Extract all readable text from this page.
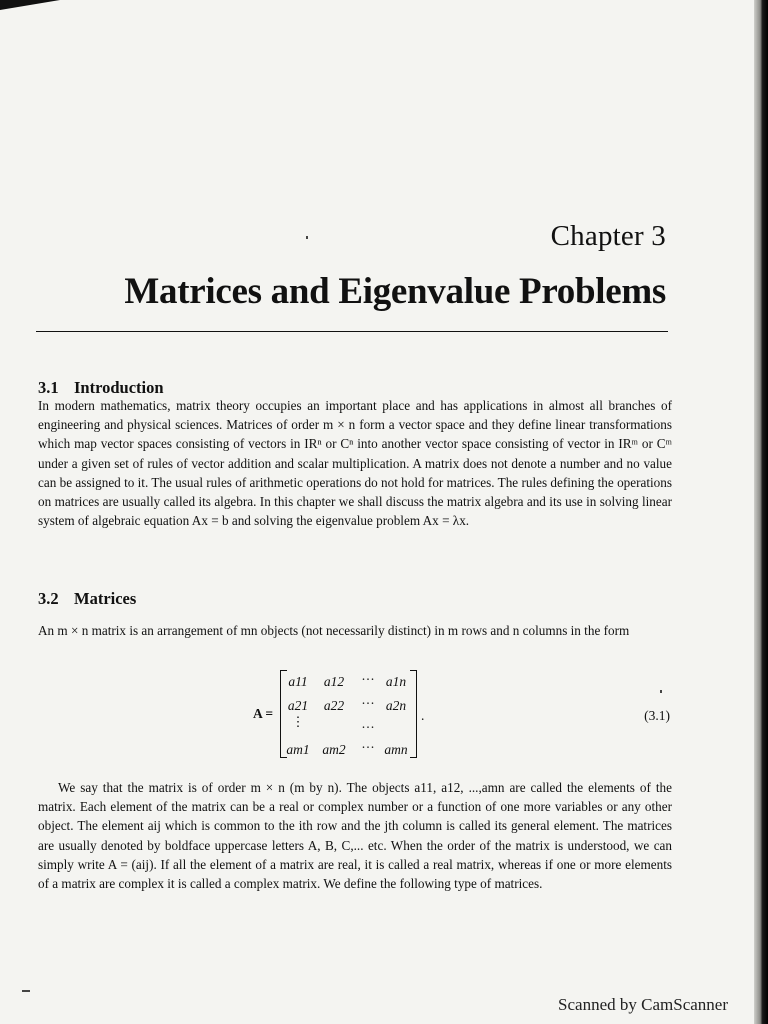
Chapter 3
Matrices and Eigenvalue Problems
3.1 Introduction

In modern mathematics, matrix theory occupies an important place and has applications in almost all branches of engineering and physical sciences. Matrices of order m × n form a vector space and they define linear transformations which map vector spaces consisting of vectors in IRⁿ or Cⁿ into another vector space consisting of vector in IRᵐ or Cᵐ under a given set of rules of vector addition and scalar multiplication. A matrix does not denote a number and no value can be assigned to it. The usual rules of arithmetic operations do not hold for matrices. The rules defining the operations on matrices are usually called its algebra. In this chapter we shall discuss the matrix algebra and its use in solving linear system of algebraic equation Ax = b and solving the eigenvalue problem Ax = λx.

3.2 Matrices

An m × n matrix is an arrangement of mn objects (not necessarily distinct) in m rows and n columns in the form

A =
a11	a12	··· a1n
a21	a22	··· a2n
⋮	···
am1 am2	··· amn
.	(3.1)

We say that the matrix is of order m × n (m by n). The objects a11, a12, ...,amn are called the elements of the matrix. Each element of the matrix can be a real or complex number or a function of one more variables or any other object. The element aij which is common to the ith row and the jth column is called its general element. The matrices are usually denoted by boldface uppercase letters A, B, C,... etc. When the order of the matrix is understood, we can simply write A = (aij). If all the element of a matrix are real, it is called a real matrix, whereas if one or more elements of a matrix are complex it is called a complex matrix. We define the following type of matrices.

Scanned by CamScanner
